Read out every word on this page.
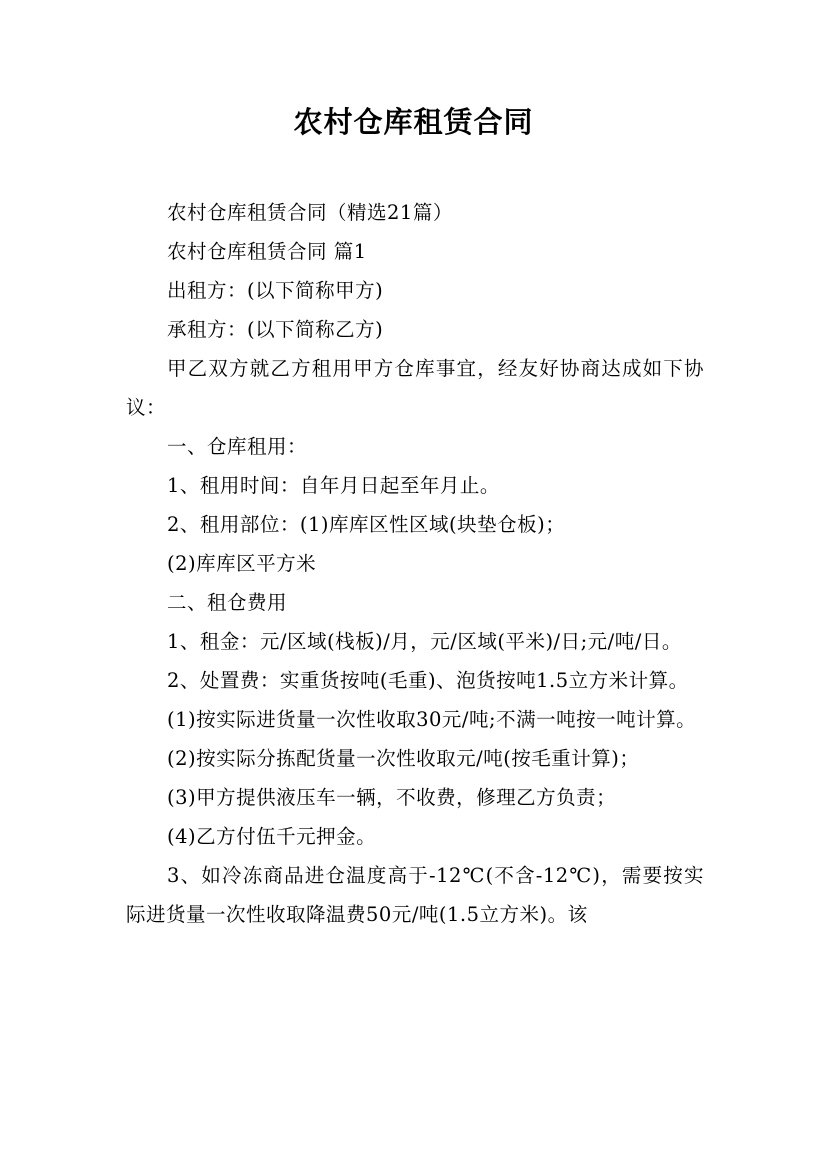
农村仓库租赁合同

农村仓库租赁合同（精选21篇）

农村仓库租赁合同 篇1

出租方：(以下简称甲方)

承租方：(以下简称乙方)

甲乙双方就乙方租用甲方仓库事宜，经友好协商达成如下协议：

一、仓库租用：

1、租用时间：自年月日起至年月止。

2、租用部位：(1)库库区性区域(块垫仓板)；

(2)库库区平方米

二、租仓费用

1、租金：元/区域(栈板)/月，元/区域(平米)/日;元/吨/日。

2、处置费：实重货按吨(毛重)、泡货按吨1.5立方米计算。

(1)按实际进货量一次性收取30元/吨;不满一吨按一吨计算。

(2)按实际分拣配货量一次性收取元/吨(按毛重计算)；

(3)甲方提供液压车一辆，不收费，修理乙方负责；

(4)乙方付伍千元押金。

3、如冷冻商品进仓温度高于-12℃(不含-12℃)，需要按实际进货量一次性收取降温费50元/吨(1.5立方米)。该
